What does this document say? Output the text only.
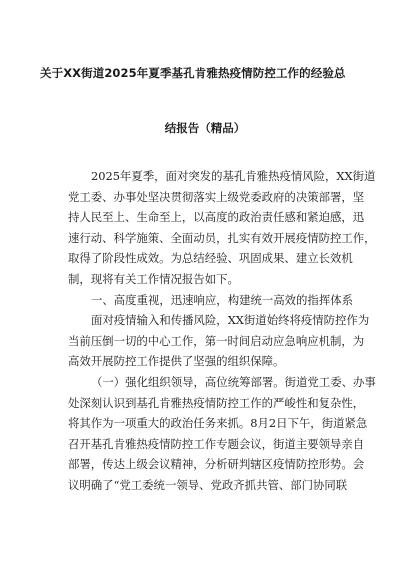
关于XX街道2025年夏季基孔肯雅热疫情防控工作的经验总
结报告（精品）
2025年夏季，面对突发的基孔肯雅热疫情风险，XX街道
党工委、办事处坚决贯彻落实上级党委政府的决策部署，坚
持人民至上、生命至上，以高度的政治责任感和紧迫感，迅
速行动、科学施策、全面动员，扎实有效开展疫情防控工作，
取得了阶段性成效。为总结经验、巩固成果、建立长效机
制，现将有关工作情况报告如下。
一、高度重视，迅速响应，构建统一高效的指挥体系
面对疫情输入和传播风险，XX街道始终将疫情防控作为
当前压倒一切的中心工作，第一时间启动应急响应机制，为
高效开展防控工作提供了坚强的组织保障。
（一）强化组织领导，高位统筹部署。街道党工委、办事
处深刻认识到基孔肯雅热疫情防控工作的严峻性和复杂性，
将其作为一项重大的政治任务来抓。8月2日下午，街道紧急
召开基孔肯雅热疫情防控工作专题会议，街道主要领导亲自
部署，传达上级会议精神，分析研判辖区疫情防控形势。会
议明确了“党工委统一领导、党政齐抓共管、部门协同联
